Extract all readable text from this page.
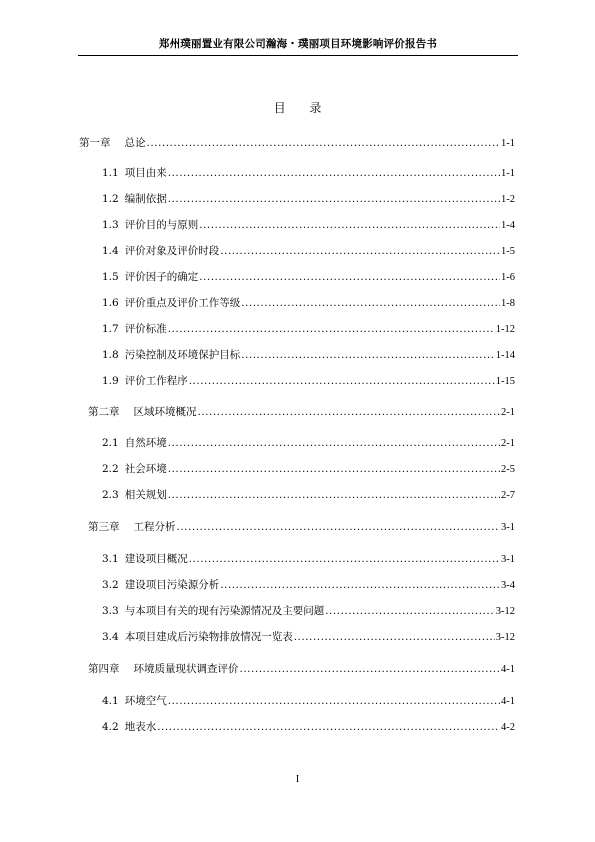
郑州璞丽置业有限公司瀚海・璞丽项目环境影响评价报告书
目 录
第一章 总论 .....	1-1
1.1 项目由来 .....	1-1
1.2 编制依据 .....	1-2
1.3 评价目的与原则 .....	1-4
1.4 评价对象及评价时段 .....	1-5
1.5 评价因子的确定 .....	1-6
1.6 评价重点及评价工作等级 .....	1-8
1.7 评价标准 .....	1-12
1.8 污染控制及环境保护目标 .....	1-14
1.9 评价工作程序 .....	1-15
第二章 区域环境概况 .....	2-1
2.1 自然环境 .....	2-1
2.2 社会环境 .....	2-5
2.3 相关规划 .....	2-7
第三章 工程分析 .....	3-1
3.1 建设项目概况 .....	3-1
3.2 建设项目污染源分析 .....	3-4
3.3 与本项目有关的现有污染源情况及主要问题 .....	3-12
3.4 本项目建成后污染物排放情况一览表 .....	3-12
第四章 环境质量现状调查评价 .....	4-1
4.1 环境空气 .....	4-1
4.2 地表水 .....	4-2
I
